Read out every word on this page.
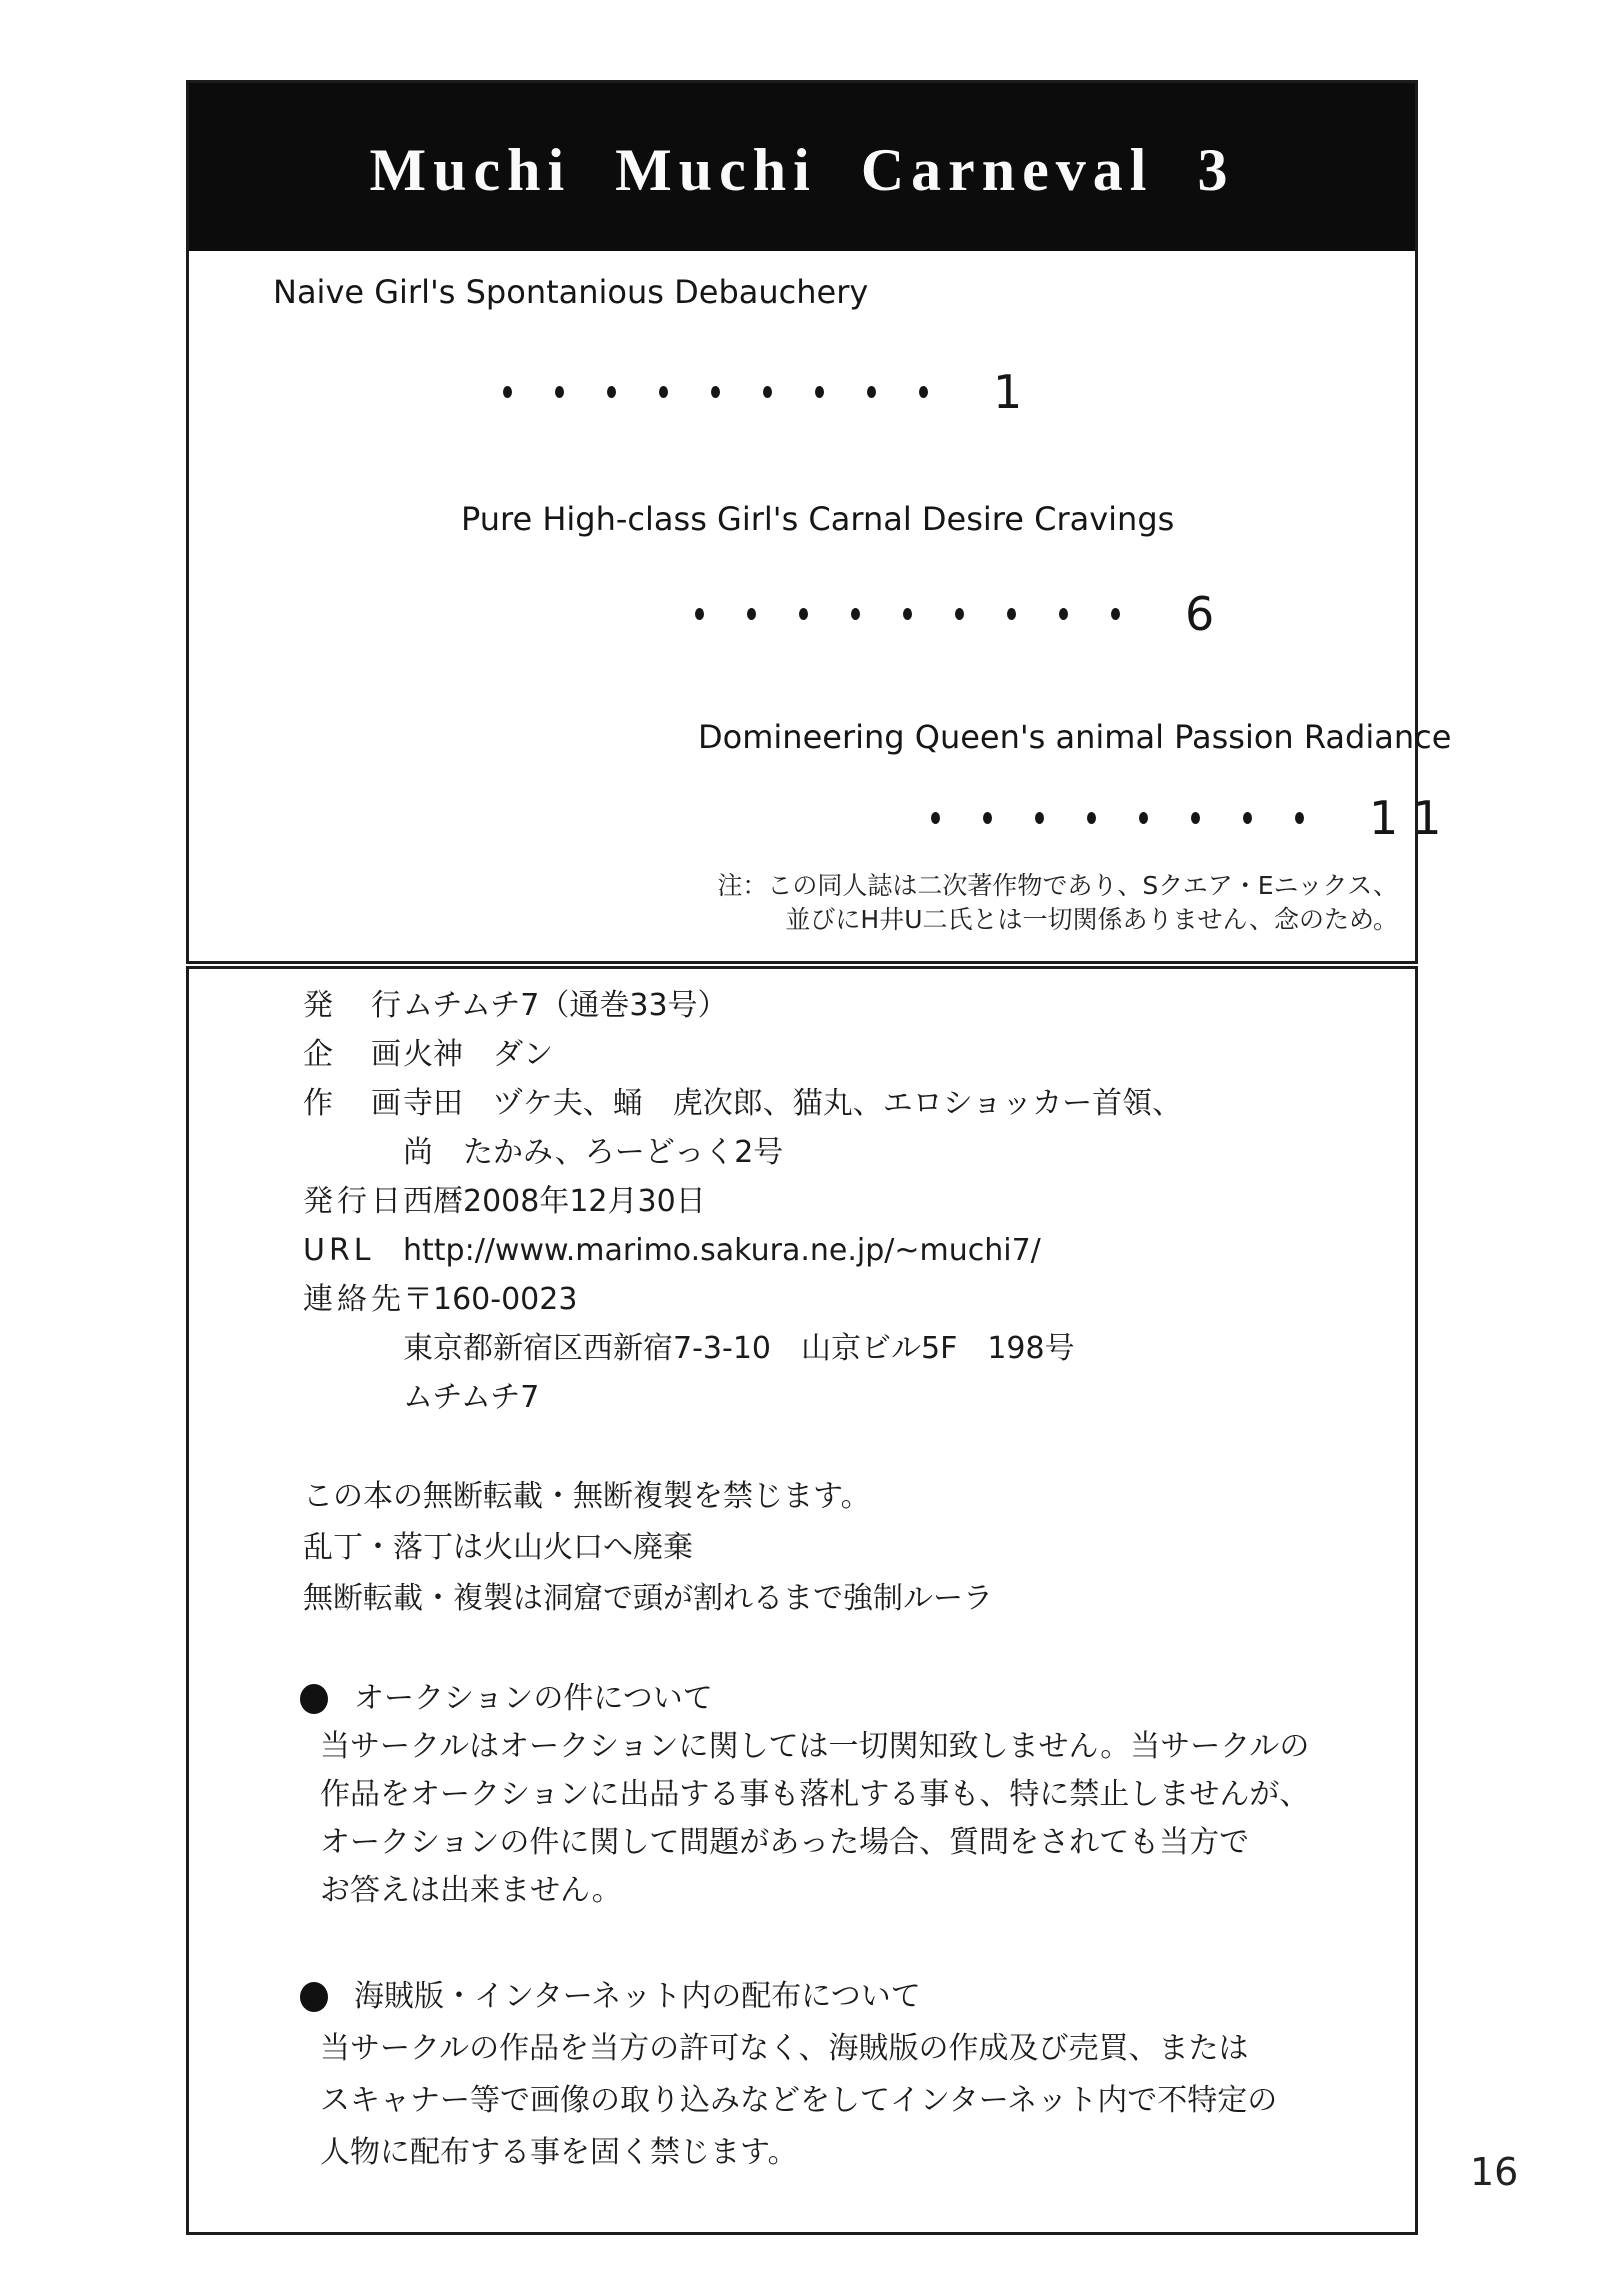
Muchi Muchi Carneval 3
Naive Girl's Spontanious Debauchery
1
Pure High-class Girl's Carnal Desire Cravings
6
Domineering Queen's animal Passion Radiance
11
注：この同人誌は二次著作物であり、Sクエア・Eニックス、
並びにH井U二氏とは一切関係ありません、念のため。
発　行
ムチムチ7（通巻33号）
企　画
火神　ダン
作　画
寺田　ヅケ夫、蛹　虎次郎、猫丸、エロショッカー首領、
尚　たかみ、ろーどっく2号
発行日
西暦2008年12月30日
URL http://www.marimo.sakura.ne.jp/~muchi7/
連絡先
〒160-0023
東京都新宿区西新宿7-3-10　山京ビル5F　198号
ムチムチ7
この本の無断転載・無断複製を禁じます。
乱丁・落丁は火山火口へ廃棄
無断転載・複製は洞窟で頭が割れるまで強制ルーラ
オークションの件について
当サークルはオークションに関しては一切関知致しません。当サークルの
作品をオークションに出品する事も落札する事も、特に禁止しませんが、
オークションの件に関して問題があった場合、質問をされても当方で
お答えは出来ません。
海賊版・インターネット内の配布について
当サークルの作品を当方の許可なく、海賊版の作成及び売買、または
スキャナー等で画像の取り込みなどをしてインターネット内で不特定の
人物に配布する事を固く禁じます。	16
